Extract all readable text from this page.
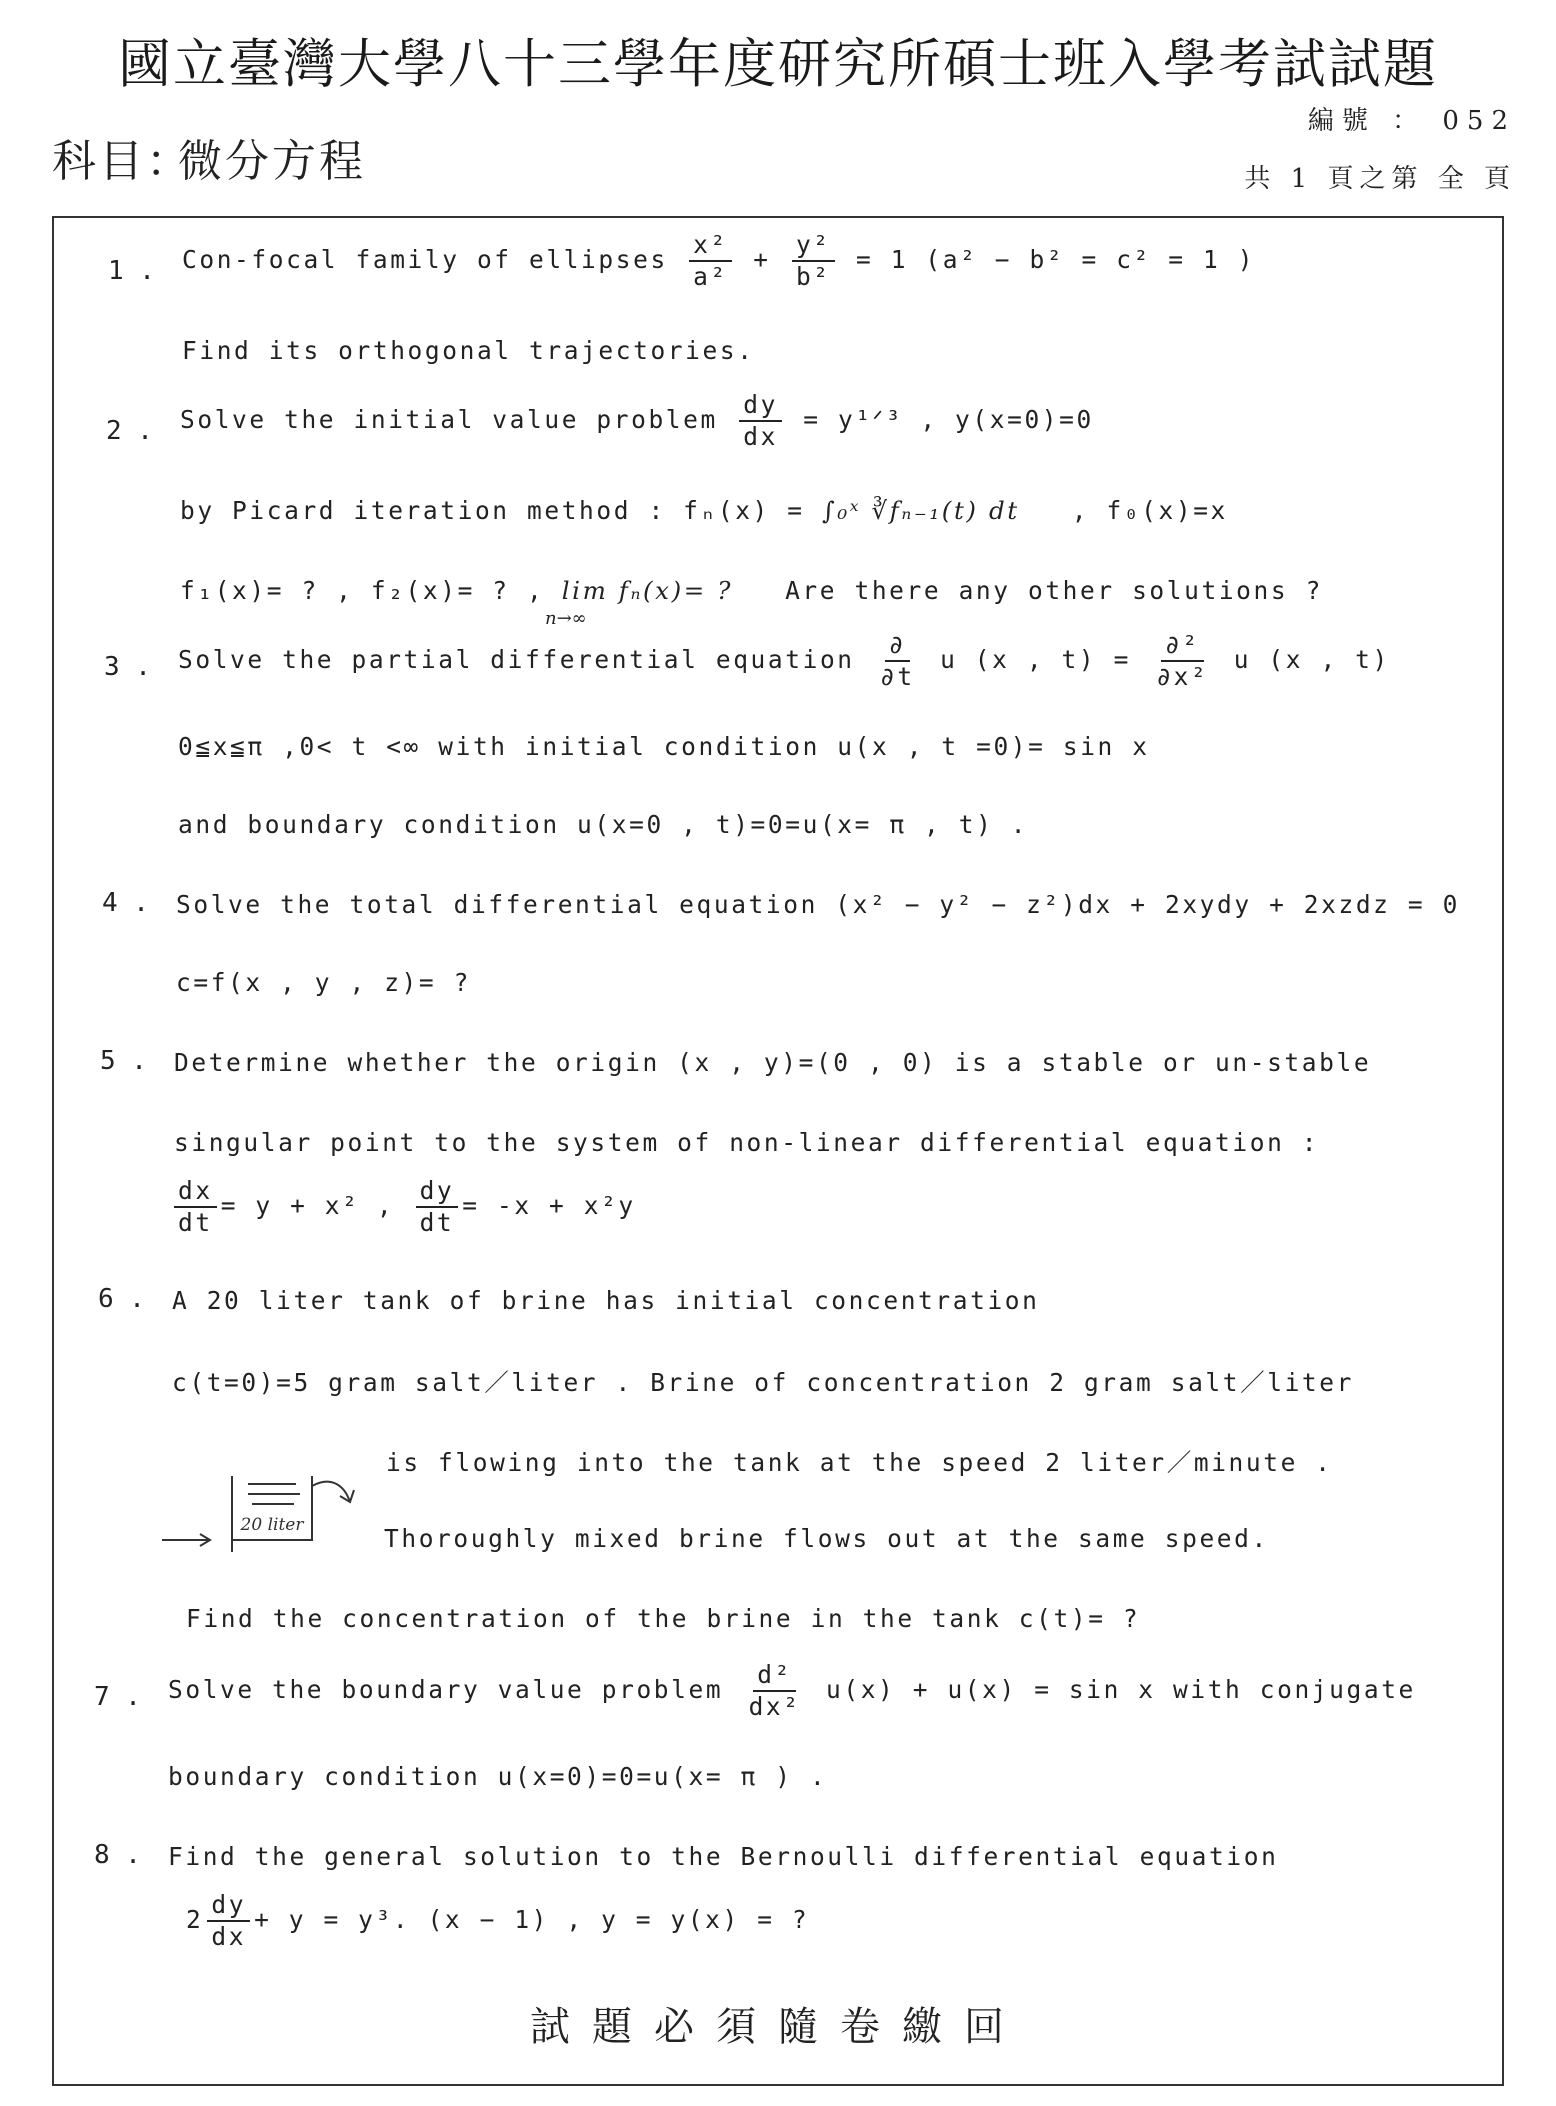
國立臺灣大學八十三學年度研究所碩士班入學考試試題
科目：
微分方程
編號 ： 052
共 1 頁之第 全 頁
1 . Con-focal family of ellipses $\frac{\text{x²}}{\text{a²}} + \frac{\text{y²}}{\text{b²}} = 1$ (a² − b² = c² = 1 )
Find its orthogonal trajectories.
2 . Solve the initial value problem $\frac{dy}{dx}$ = y¹ᐟ³ , y(x=0)=0
by Picard iteration method : fₙ(x) = ∫₀ˣ ∛fₙ₋₁(t) dt , f₀(x)=x
f₁(x)= ? , f₂(x)= ? , lim fₙ(x)= ? Are there any other solutions ?
n→∞
3 . Solve the partial differential equation
∂
∂t
u (x , t) =
∂²
∂x²
u (x , t)
0≦x≦π ,0< t <∞ with initial condition u(x , t =0)= sin x
and boundary condition u(x=0 , t)=0=u(x= π , t) .
4 . Solve the total differential equation (x² − y² − z²)dx + 2xydy + 2xzdz = 0
c=f(x , y , z)= ?
5 . Determine whether the origin (x , y)=(0 , 0) is a stable or un-stable
singular point to the system of non-linear differential equation :
$\frac{dx}{dt} = y + x^2$ , $\frac{dy}{dt} = -x + x^2y$
6 . A 20 liter tank of brine has initial concentration
c(t=0)=5 gram salt／liter . Brine of concentration 2 gram salt／liter
is flowing into the tank at the speed 2 liter／minute .
Thoroughly mixed brine flows out at the same speed.
Find the concentration of the brine in the tank c(t)= ?
20 liter
7 . Solve the boundary value problem $\frac{\text{d²}}{\text{dx²}} u(x) + u(x) = \sin x$ with conjugate
boundary condition u(x=0)=0=u(x= π ) .
8 . Find the general solution to the Bernoulli differential equation
$2 \frac{dy}{dx} + y = y^3$. (x − 1) , y = y(x) = ?
試題必須隨卷繳回
